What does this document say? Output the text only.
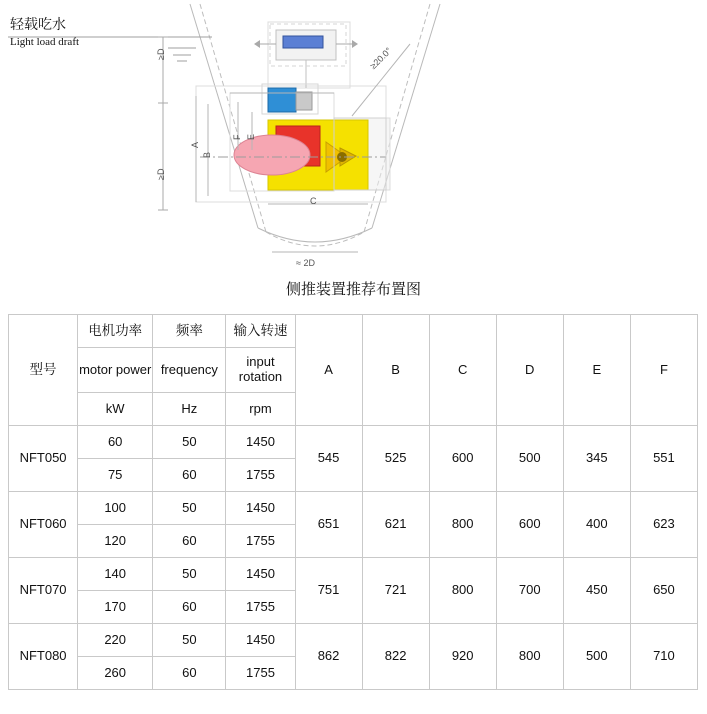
≥D
≥D
≥20.0°
≈ 2D
A
B
C
F E
轻载吃水
Light load draft
侧推装置推荐布置图
型号	电机功率	频率	输入转速	A	B	C	D	E	F
	motor power	frequency	input rotation						
	kW	Hz	rpm						
NFT050	60	50	1450	545	525	600	500	345	551
	75	60	1755						
NFT060	100	50	1450	651	621	800	600	400	623
	120	60	1755						
NFT070	140	50	1450	751	721	800	700	450	650
	170	60	1755						
NFT080	220	50	1450	862	822	920	800	500	710
	260	60	1755						
